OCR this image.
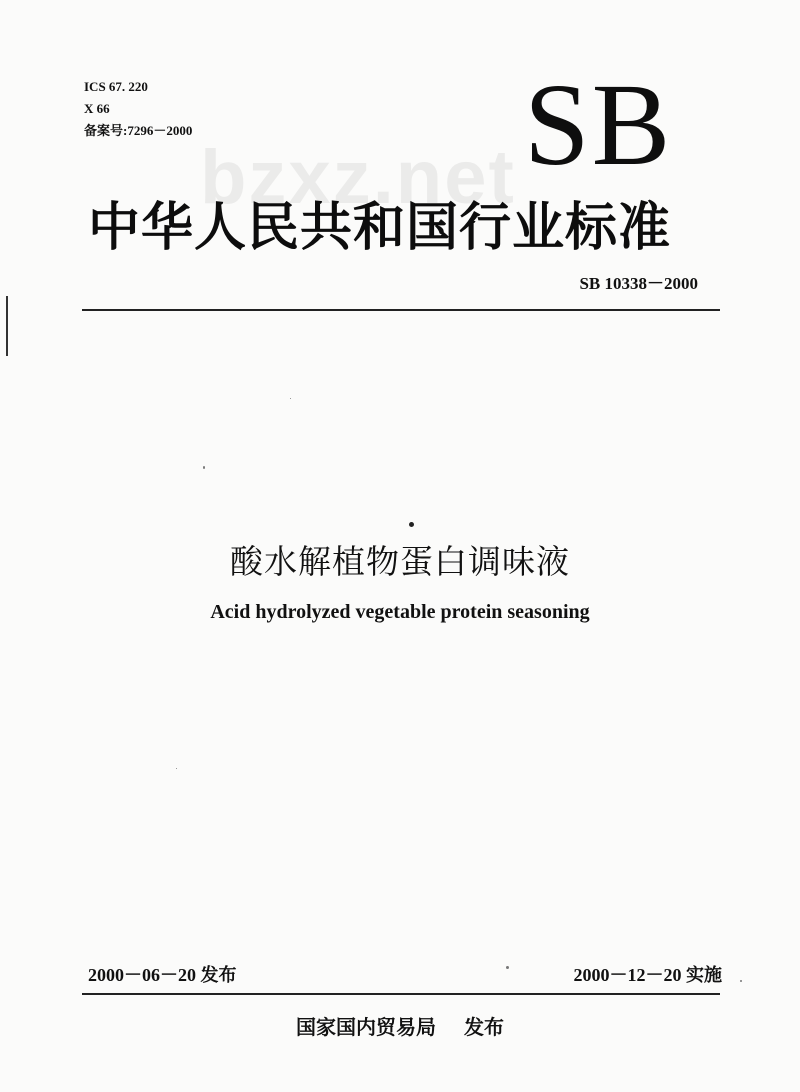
ICS 67. 220
X 66
备案号:7296－2000	SB
bzxz.net
中华人民共和国行业标准
SB 10338－2000
酸水解植物蛋白调味液
Acid hydrolyzed vegetable protein seasoning
2000－06－20 发布	2000－12－20 实施
国家国内贸易局 发布
